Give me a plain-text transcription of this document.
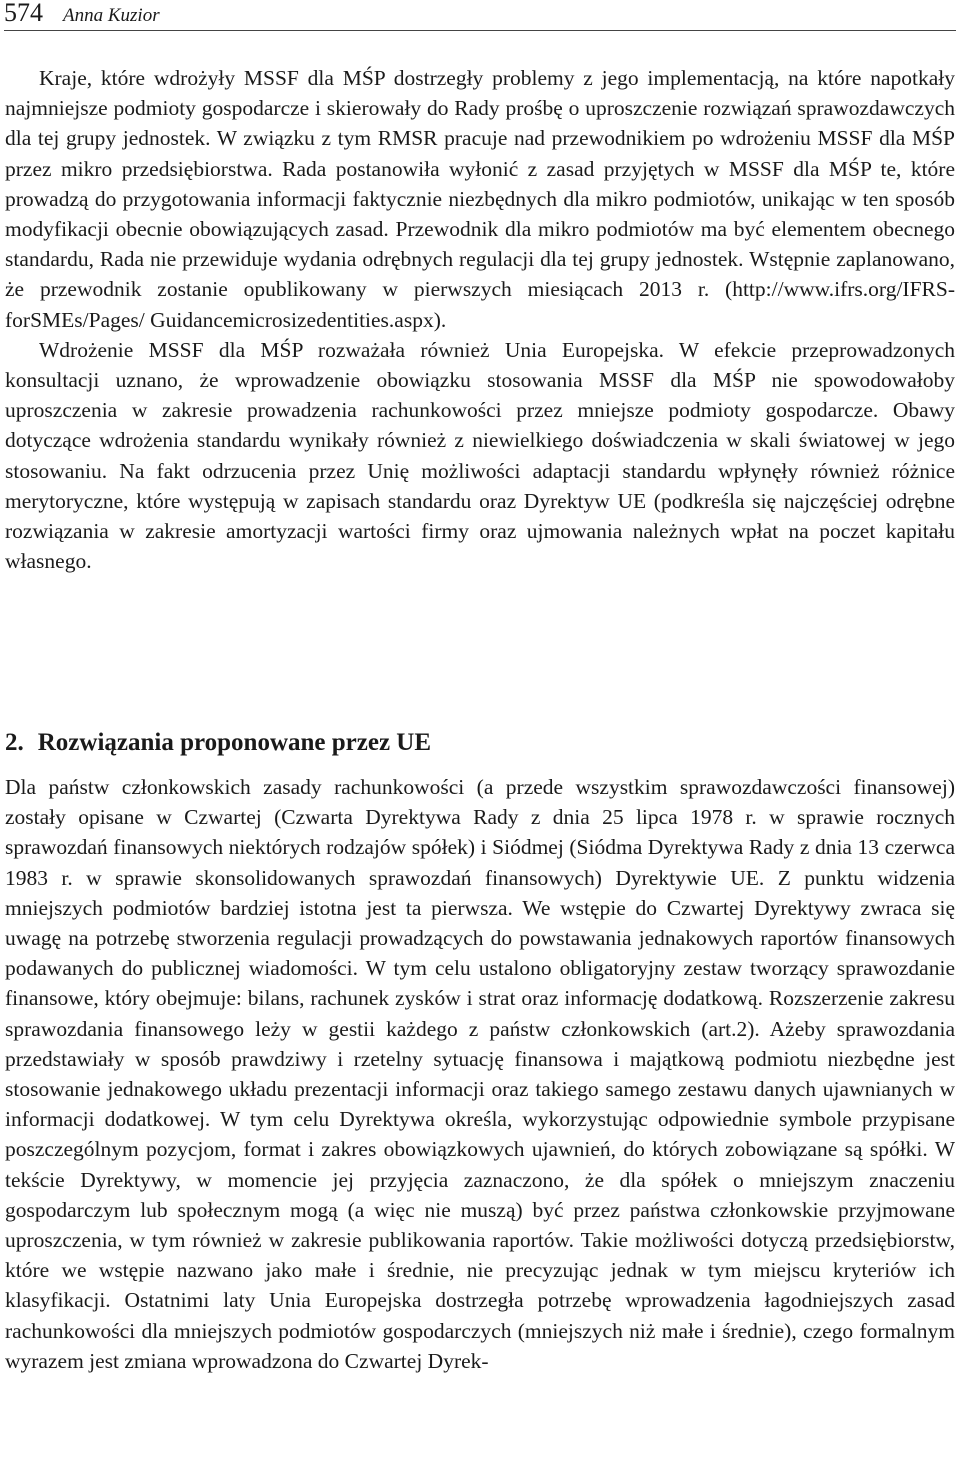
574 Anna Kuzior

Kraje, które wdrożyły MSSF dla MŚP dostrzegły problemy z jego implementacją, na które napotkały najmniejsze podmioty gospodarcze i skierowały do Rady prośbę o uproszczenie rozwiązań sprawozdawczych dla tej grupy jednostek. W związku z tym RMSR pracuje nad przewodnikiem po wdrożeniu MSSF dla MŚP przez mikro przedsiębiorstwa. Rada postanowiła wyłonić z zasad przyjętych w MSSF dla MŚP te, które prowadzą do przygotowania informacji faktycznie niezbędnych dla mikro podmiotów, unikając w ten sposób modyfikacji obecnie obowiązujących zasad. Przewodnik dla mikro podmiotów ma być elementem obecnego standardu, Rada nie przewiduje wydania odrębnych regulacji dla tej grupy jednostek. Wstępnie zaplanowano, że przewodnik zostanie opublikowany w pierwszych miesiącach 2013 r. (http://www.ifrs.org/IFRS-forSMEs/Pages/ Guidancemicrosizedentities.aspx).

Wdrożenie MSSF dla MŚP rozważała również Unia Europejska. W efekcie przeprowadzonych konsultacji uznano, że wprowadzenie obowiązku stosowania MSSF dla MŚP nie spowodowałoby uproszczenia w zakresie prowadzenia rachunkowości przez mniejsze podmioty gospodarcze. Obawy dotyczące wdrożenia standardu wynikały również z niewielkiego doświadczenia w skali światowej w jego stosowaniu. Na fakt odrzucenia przez Unię możliwości adaptacji standardu wpłynęły również różnice merytoryczne, które występują w zapisach standardu oraz Dyrektyw UE (podkreśla się najczęściej odrębne rozwiązania w zakresie amortyzacji wartości firmy oraz ujmowania należnych wpłat na poczet kapitału własnego.

2. Rozwiązania proponowane przez UE

Dla państw członkowskich zasady rachunkowości (a przede wszystkim sprawozdawczości finansowej) zostały opisane w Czwartej (Czwarta Dyrektywa Rady z dnia 25 lipca 1978 r. w sprawie rocznych sprawozdań finansowych niektórych rodzajów spółek) i Siódmej (Siódma Dyrektywa Rady z dnia 13 czerwca 1983 r. w sprawie skonsolidowanych sprawozdań finansowych) Dyrektywie UE. Z punktu widzenia mniejszych podmiotów bardziej istotna jest ta pierwsza. We wstępie do Czwartej Dyrektywy zwraca się uwagę na potrzebę stworzenia regulacji prowadzących do powstawania jednakowych raportów finansowych podawanych do publicznej wiadomości. W tym celu ustalono obligatoryjny zestaw tworzący sprawozdanie finansowe, który obejmuje: bilans, rachunek zysków i strat oraz informację dodatkową. Rozszerzenie zakresu sprawozdania finansowego leży w gestii każdego z państw członkowskich (art.2). Ażeby sprawozdania przedstawiały w sposób prawdziwy i rzetelny sytuację finansowa i majątkową podmiotu niezbędne jest stosowanie jednakowego układu prezentacji informacji oraz takiego samego zestawu danych ujawnianych w informacji dodatkowej. W tym celu Dyrektywa określa, wykorzystując odpowiednie symbole przypisane poszczególnym pozycjom, format i zakres obowiązkowych ujawnień, do których zobowiązane są spółki. W tekście Dyrektywy, w momencie jej przyjęcia zaznaczono, że dla spółek o mniejszym znaczeniu gospodarczym lub społecznym mogą (a więc nie muszą) być przez państwa członkowskie przyjmowane uproszczenia, w tym również w zakresie publikowania raportów. Takie możliwości dotyczą przedsiębiorstw, które we wstępie nazwano jako małe i średnie, nie precyzując jednak w tym miejscu kryteriów ich klasyfikacji. Ostatnimi laty Unia Europejska dostrzegła potrzebę wprowadzenia łagodniejszych zasad rachunkowości dla mniejszych podmiotów gospodarczych (mniejszych niż małe i średnie), czego formalnym wyrazem jest zmiana wprowadzona do Czwartej Dyrek-
